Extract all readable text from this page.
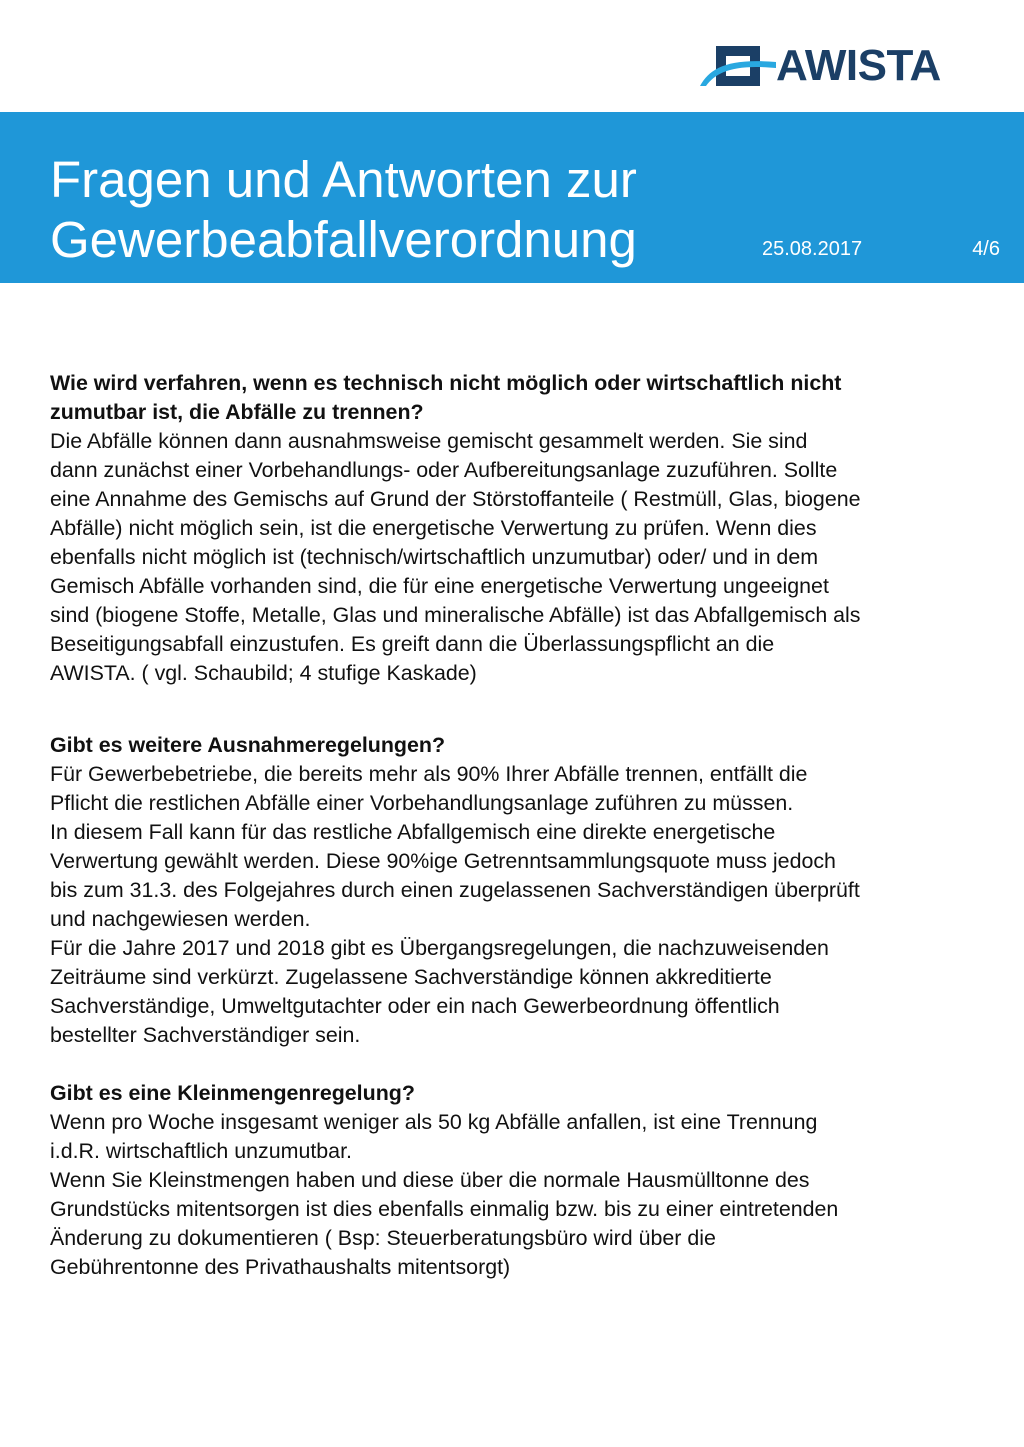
AWISTA
Fragen und Antworten zur
Gewerbeabfallverordnung	25.08.2017	4/6

Wie wird verfahren, wenn es technisch nicht möglich oder wirtschaftlich nicht
zumutbar ist, die Abfälle zu trennen?

Die Abfälle können dann ausnahmsweise gemischt gesammelt werden. Sie sind
dann zunächst einer Vorbehandlungs- oder Aufbereitungsanlage zuzuführen. Sollte
eine Annahme des Gemischs auf Grund der Störstoffanteile ( Restmüll, Glas, biogene
Abfälle) nicht möglich sein, ist die energetische Verwertung zu prüfen. Wenn dies
ebenfalls nicht möglich ist (technisch/wirtschaftlich unzumutbar) oder/ und in dem
Gemisch Abfälle vorhanden sind, die für eine energetische Verwertung ungeeignet
sind (biogene Stoffe, Metalle, Glas und mineralische Abfälle) ist das Abfallgemisch als
Beseitigungsabfall einzustufen. Es greift dann die Überlassungspflicht an die
AWISTA. ( vgl. Schaubild; 4 stufige Kaskade)

Gibt es weitere Ausnahmeregelungen?

Für Gewerbebetriebe, die bereits mehr als 90% Ihrer Abfälle trennen, entfällt die
Pflicht die restlichen Abfälle einer Vorbehandlungsanlage zuführen zu müssen.
In diesem Fall kann für das restliche Abfallgemisch eine direkte energetische
Verwertung gewählt werden. Diese 90%ige Getrenntsammlungsquote muss jedoch
bis zum 31.3. des Folgejahres durch einen zugelassenen Sachverständigen überprüft
und nachgewiesen werden.
Für die Jahre 2017 und 2018 gibt es Übergangsregelungen, die nachzuweisenden
Zeiträume sind verkürzt. Zugelassene Sachverständige können akkreditierte
Sachverständige, Umweltgutachter oder ein nach Gewerbeordnung öffentlich
bestellter Sachverständiger sein.

Gibt es eine Kleinmengenregelung?

Wenn pro Woche insgesamt weniger als 50 kg Abfälle anfallen, ist eine Trennung
i.d.R. wirtschaftlich unzumutbar.
Wenn Sie Kleinstmengen haben und diese über die normale Hausmülltonne des
Grundstücks mitentsorgen ist dies ebenfalls einmalig bzw. bis zu einer eintretenden
Änderung zu dokumentieren ( Bsp: Steuerberatungsbüro wird über die
Gebührentonne des Privathaushalts mitentsorgt)
